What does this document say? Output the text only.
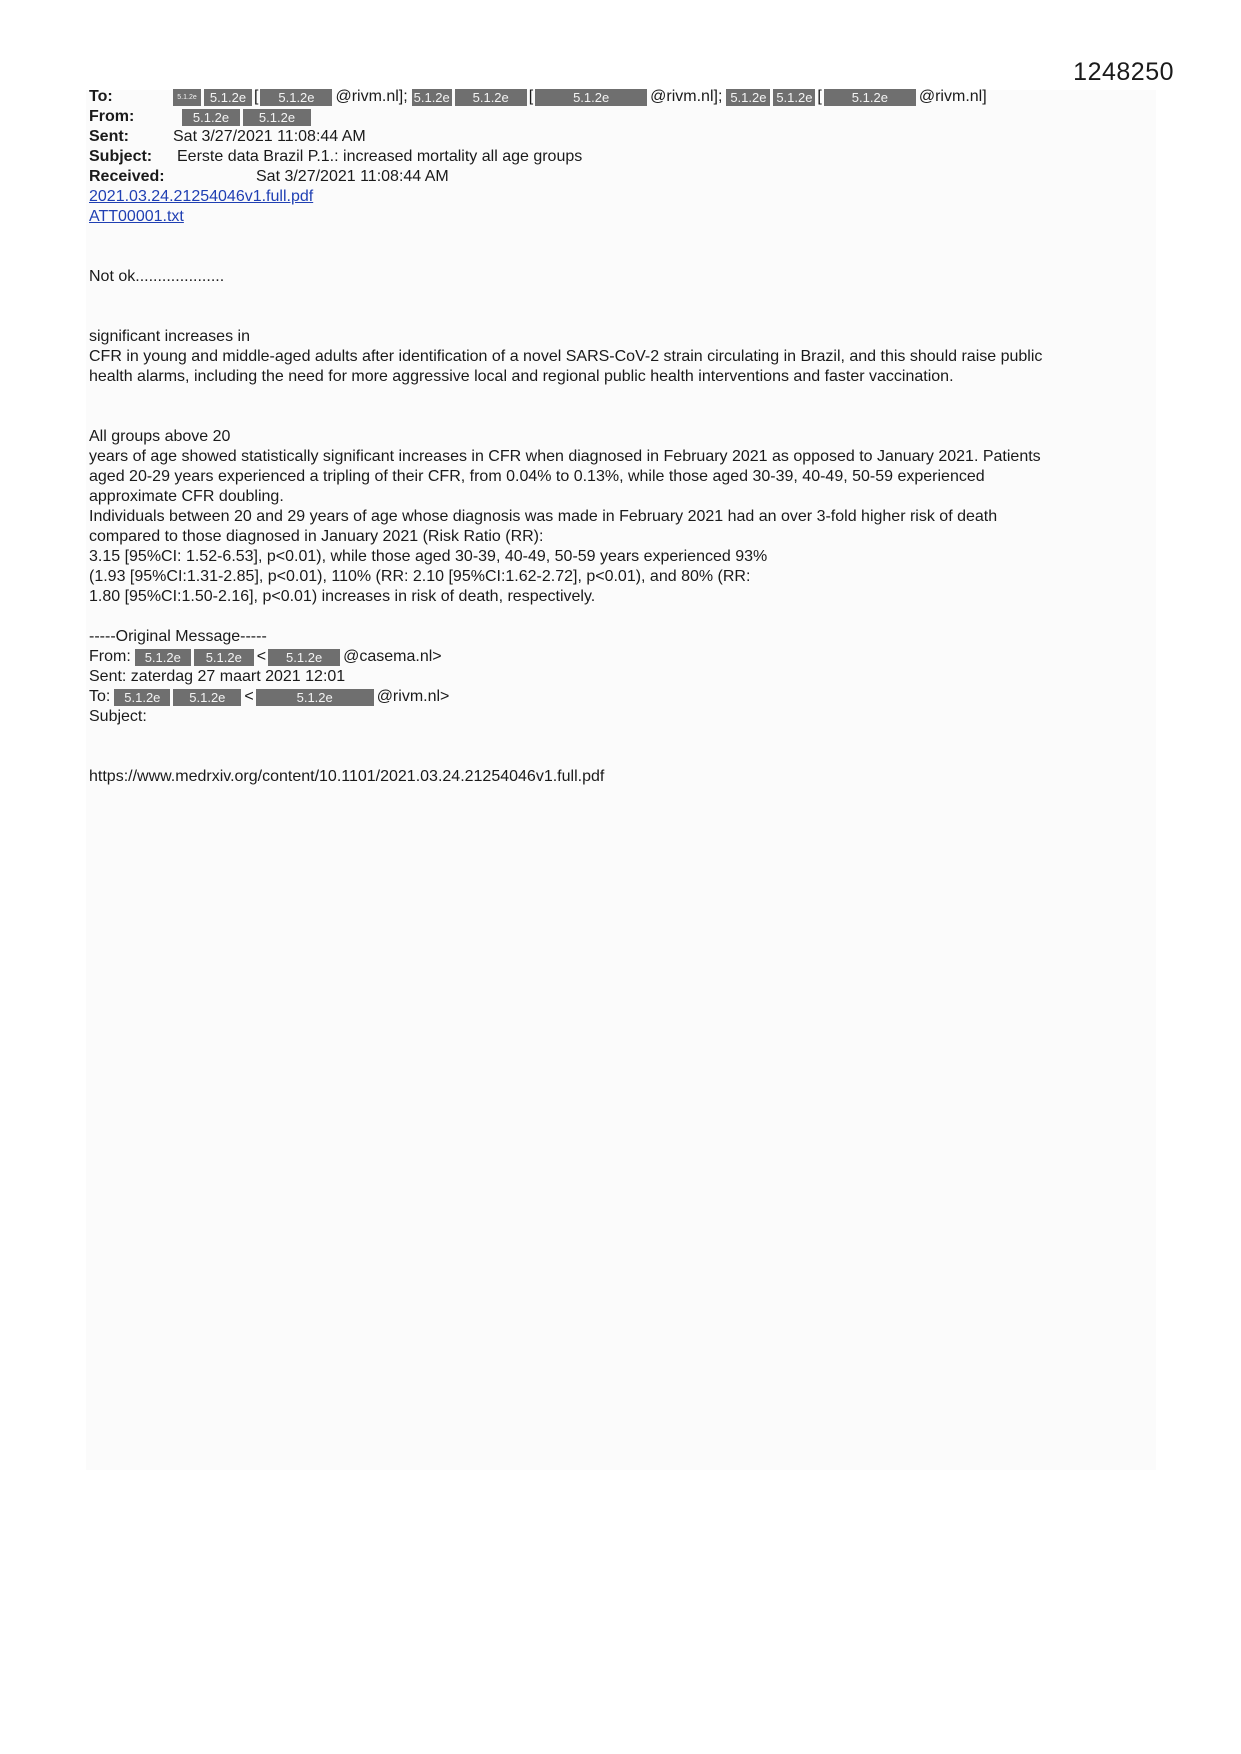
1248250
To:	5.1.2e	5.1.2e [	5.1.2e	@rivm.nl]; 5.1.2e	5.1.2e	[	5.1.2e	@rivm.nl]; 5.1.2e 5.1.2e [	5.1.2e	@rivm.nl]
From:	5.1.2e	5.1.2e
Sent:	Sat 3/27/2021 11:08:44 AM
Subject:	Eerste data Brazil P.1.: increased mortality all age groups
Received:	Sat 3/27/2021 11:08:44 AM
2021.03.24.21254046v1.full.pdf
ATT00001.txt

Not ok....................

significant increases in

CFR in young and middle-aged adults after identification of a novel SARS-CoV-2 strain circulating in Brazil, and this should raise public

health alarms, including the need for more aggressive local and regional public health interventions and faster vaccination.

All groups above 20

years of age showed statistically significant increases in CFR when diagnosed in February 2021 as opposed to January 2021. Patients

aged 20-29 years experienced a tripling of their CFR, from 0.04% to 0.13%, while those aged 30-39, 40-49, 50-59 experienced

approximate CFR doubling.

Individuals between 20 and 29 years of age whose diagnosis was made in February 2021 had an over 3-fold higher risk of death

compared to those diagnosed in January 2021 (Risk Ratio (RR):

3.15 [95%CI: 1.52-6.53], p<0.01), while those aged 30-39, 40-49, 50-59 years experienced 93%

(1.93 [95%CI:1.31-2.85], p<0.01), 110% (RR: 2.10 [95%CI:1.62-2.72], p<0.01), and 80% (RR:

1.80 [95%CI:1.50-2.16], p<0.01) increases in risk of death, respectively.

-----Original Message-----

From:	5.1.2e	5.1.2e <	5.1.2e	@casema.nl>

Sent: zaterdag 27 maart 2021 12:01

To:	5.1.2e	5.1.2e	<	5.1.2e	@rivm.nl>

Subject:

https://www.medrxiv.org/content/10.1101/2021.03.24.21254046v1.full.pdf
